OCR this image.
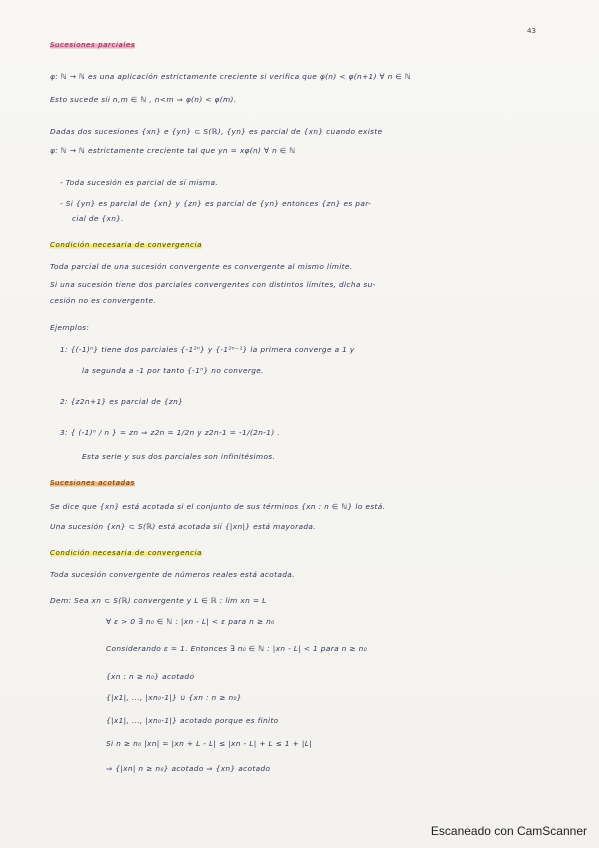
43
Sucesiones parciales
φ: ℕ → ℕ es una aplicación estrictamente creciente si verifica que φ(n) < φ(n+1) ∀ n ∈ ℕ
Esto sucede sii n,m ∈ ℕ , n<m ⇒ φ(n) < φ(m).
Dadas dos sucesiones {xn} e {yn} ⊂ S(ℝ), {yn} es parcial de {xn} cuando existe
φ: ℕ → ℕ estrictamente creciente tal que yn = xφ(n) ∀ n ∈ ℕ
- Toda sucesión es parcial de sí misma.
- Si {yn} es parcial de {xn} y {zn} es parcial de {yn} entonces {zn} es par-
cial de {xn}.
Condición necesaria de convergencia
Toda parcial de una sucesión convergente es convergente al mismo límite.
Si una sucesión tiene dos parciales convergentes con distintos límites, dicha su-
cesión no es convergente.
Ejemplos:
1: {(-1)ⁿ} tiene dos parciales {-1²ⁿ} y {-1²ⁿ⁻¹} la primera converge a 1 y
la segunda a -1 por tanto {-1ⁿ} no converge.
2: {z2n+1} es parcial de {zn}
3: { (-1)ⁿ / n } = zn ⇒ z2n = 1/2n y z2n-1 = -1/(2n-1) .
Esta serie y sus dos parciales son infinitésimos.
Sucesiones acotadas
Se dice que {xn} está acotada si el conjunto de sus términos {xn : n ∈ ℕ} lo está.
Una sucesión {xn} ⊂ S(ℝ) está acotada sii {|xn|} está mayorada.
Condición necesaria de convergencia
Toda sucesión convergente de números reales está acotada.
Dem: Sea xn ⊂ S(ℝ) convergente y L ∈ ℝ : lim xn = L
∀ ε > 0 ∃ n₀ ∈ ℕ : |xn - L| < ε para n ≥ n₀
Considerando ε = 1. Entonces ∃ n₀ ∈ ℕ : |xn - L| < 1 para n ≥ n₀
{xn : n ≥ n₀} acotado
{|x1|, ..., |xn₀-1|} ∪ {xn : n ≥ n₀}
{|x1|, ..., |xn₀-1|} acotado porque es finito
Si n ≥ n₀ |xn| = |xn + L - L| ≤ |xn - L| + L ≤ 1 + |L|
⇒ {|xn| n ≥ n₀} acotado ⇒ {xn} acotado
Escaneado con CamScanner
